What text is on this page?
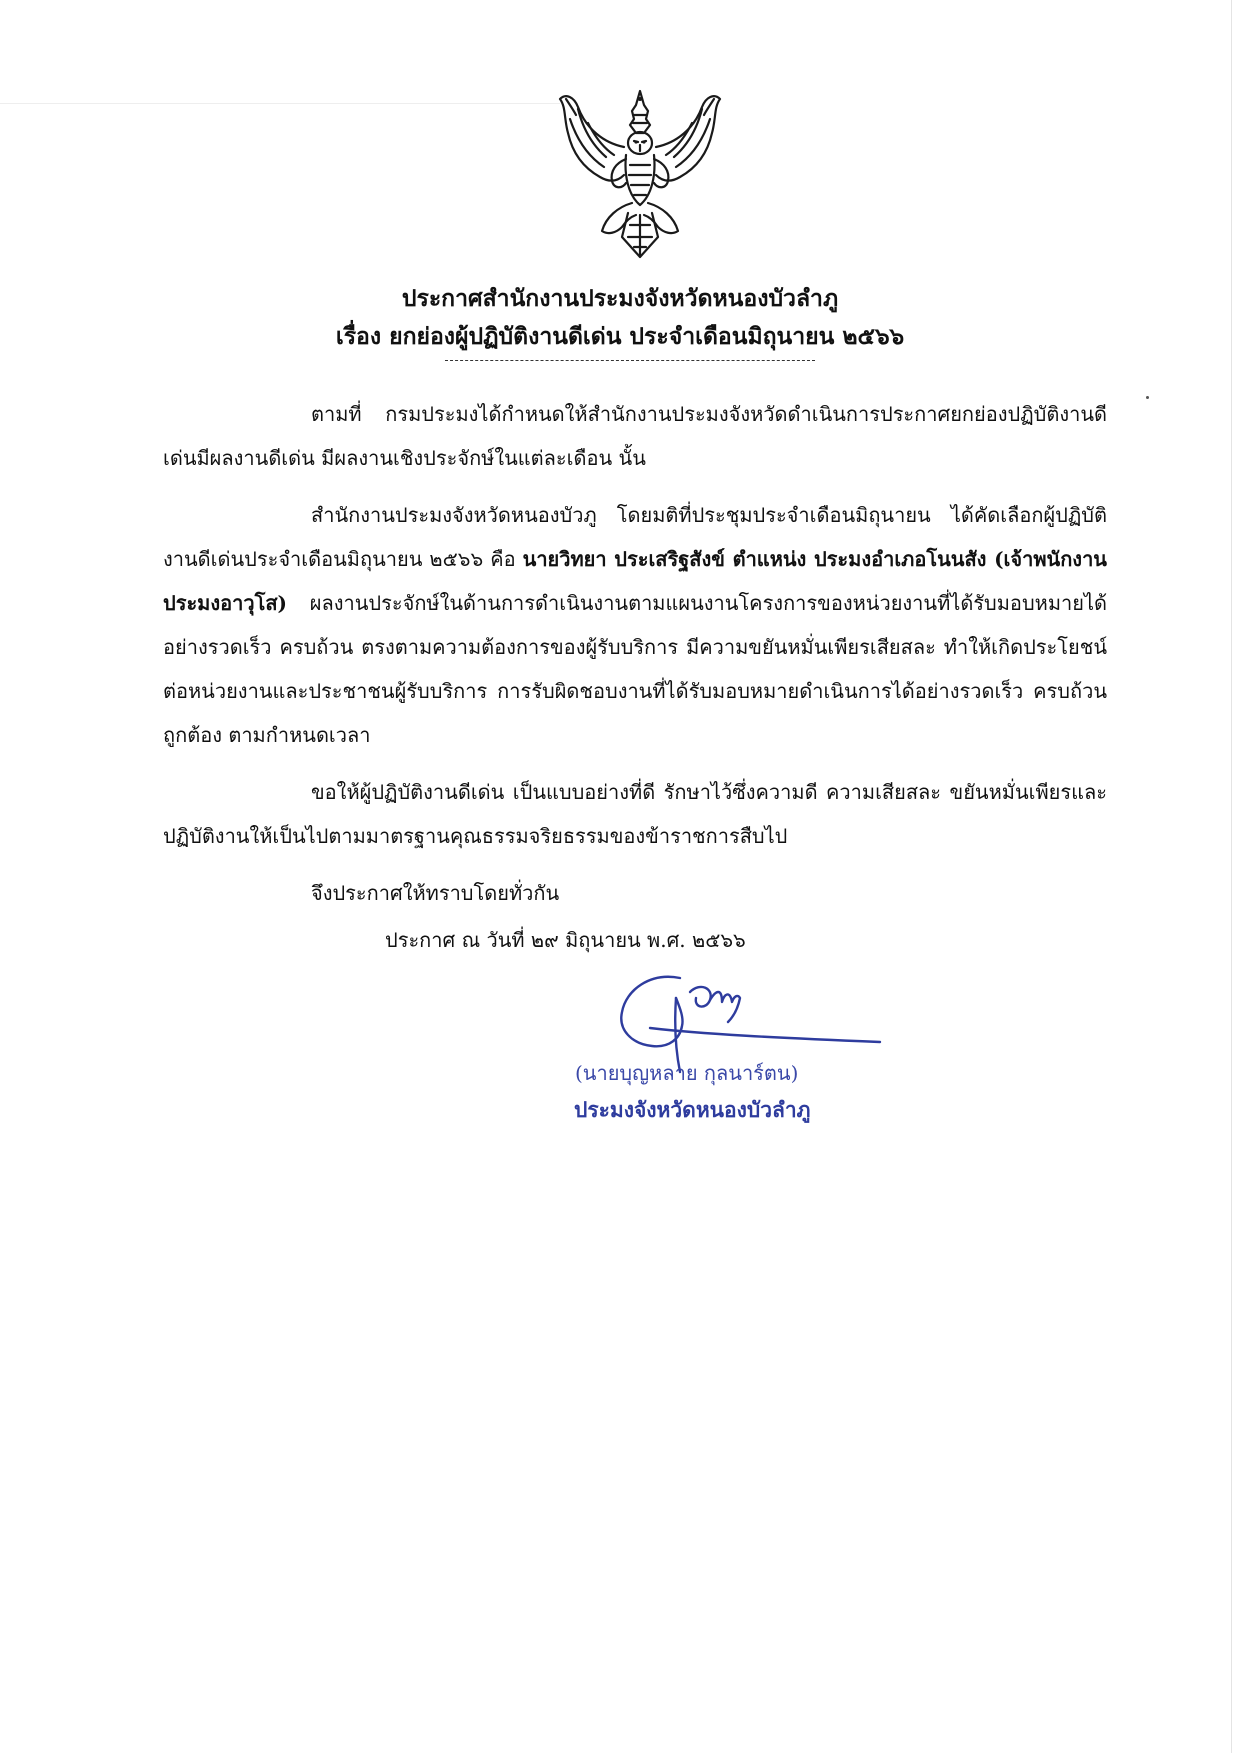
ประกาศสำนักงานประมงจังหวัดหนองบัวลำภู
เรื่อง ยกย่องผู้ปฏิบัติงานดีเด่น ประจำเดือนมิถุนายน ๒๕๖๖

ตามที่ กรมประมงได้กำหนดให้สำนักงานประมงจังหวัดดำเนินการประกาศยกย่องปฏิบัติงานดีเด่นมีผลงานดีเด่น มีผลงานเชิงประจักษ์ในแต่ละเดือน นั้น

สำนักงานประมงจังหวัดหนองบัวภู โดยมติที่ประชุมประจำเดือนมิถุนายน ได้คัดเลือกผู้ปฏิบัติงานดีเด่นประจำเดือนมิถุนายน ๒๕๖๖ คือ นายวิทยา ประเสริฐสังข์ ตำแหน่ง ประมงอำเภอโนนสัง (เจ้าพนักงานประมงอาวุโส) ผลงานประจักษ์ในด้านการดำเนินงานตามแผนงานโครงการของหน่วยงานที่ได้รับมอบหมายได้อย่างรวดเร็ว ครบถ้วน ตรงตามความต้องการของผู้รับบริการ มีความขยันหมั่นเพียรเสียสละ ทำให้เกิดประโยชน์ต่อหน่วยงานและประชาชนผู้รับบริการ การรับผิดชอบงานที่ได้รับมอบหมายดำเนินการได้อย่างรวดเร็ว ครบถ้วน ถูกต้อง ตามกำหนดเวลา

ขอให้ผู้ปฏิบัติงานดีเด่น เป็นแบบอย่างที่ดี รักษาไว้ซึ่งความดี ความเสียสละ ขยันหมั่นเพียรและปฏิบัติงานให้เป็นไปตามมาตรฐานคุณธรรมจริยธรรมของข้าราชการสืบไป

จึงประกาศให้ทราบโดยทั่วกัน

ประกาศ ณ วันที่ ๒๙ มิถุนายน พ.ศ. ๒๕๖๖
(นายบุญหลาย กุลนาร์ตน)
ประมงจังหวัดหนองบัวลำภู
